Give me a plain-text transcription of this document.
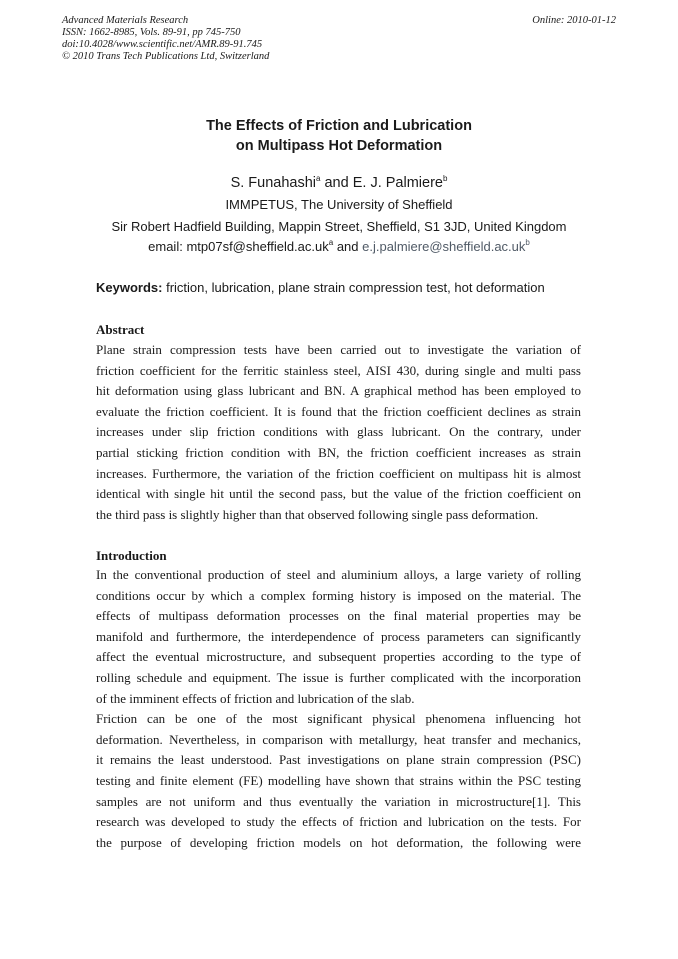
Advanced Materials Research
ISSN: 1662-8985, Vols. 89-91, pp 745-750
doi:10.4028/www.scientific.net/AMR.89-91.745
© 2010 Trans Tech Publications Ltd, Switzerland
Online: 2010-01-12
The Effects of Friction and Lubrication
on Multipass Hot Deformation
S. Funahashi$^a$ and E. J. Palmiere$^b$
IMMPETUS, The University of Sheffield
Sir Robert Hadfield Building, Mappin Street, Sheffield, S1 3JD, United Kingdom
email: $mtp07sf@sheffield.ac.uk^a$ and $e.j.palmiere@sheffield.ac.uk^b$
Keywords: friction, lubrication, plane strain compression test, hot deformation
Abstract
Plane strain compression tests have been carried out to investigate the variation of
friction coefficient for the ferritic stainless steel, AISI 430, during single and multi pass
hit deformation using glass lubricant and BN. A graphical method has been employed to
evaluate the friction coefficient. It is found that the friction coefficient declines as strain
increases under slip friction conditions with glass lubricant. On the contrary, under
partial sticking friction condition with BN, the friction coefficient increases as strain
increases. Furthermore, the variation of the friction coefficient on multipass hit is almost
identical with single hit until the second pass, but the value of the friction coefficient on
the third pass is slightly higher than that observed following single pass deformation.
Introduction
In the conventional production of steel and aluminium alloys, a large variety of rolling
conditions occur by which a complex forming history is imposed on the material. The
effects of multipass deformation processes on the final material properties may be
manifold and furthermore, the interdependence of process parameters can significantly
affect the eventual microstructure, and subsequent properties according to the type of
rolling schedule and equipment. The issue is further complicated with the incorporation
of the imminent effects of friction and lubrication of the slab.
Friction can be one of the most significant physical phenomena influencing hot
deformation. Nevertheless, in comparison with metallurgy, heat transfer and mechanics,
it remains the least understood. Past investigations on plane strain compression (PSC)
testing and finite element (FE) modelling have shown that strains within the PSC testing
samples are not uniform and thus eventually the variation in microstructure[1]. This
research was developed to study the effects of friction and lubrication on the tests. For
the purpose of developing friction models on hot deformation, the following were
